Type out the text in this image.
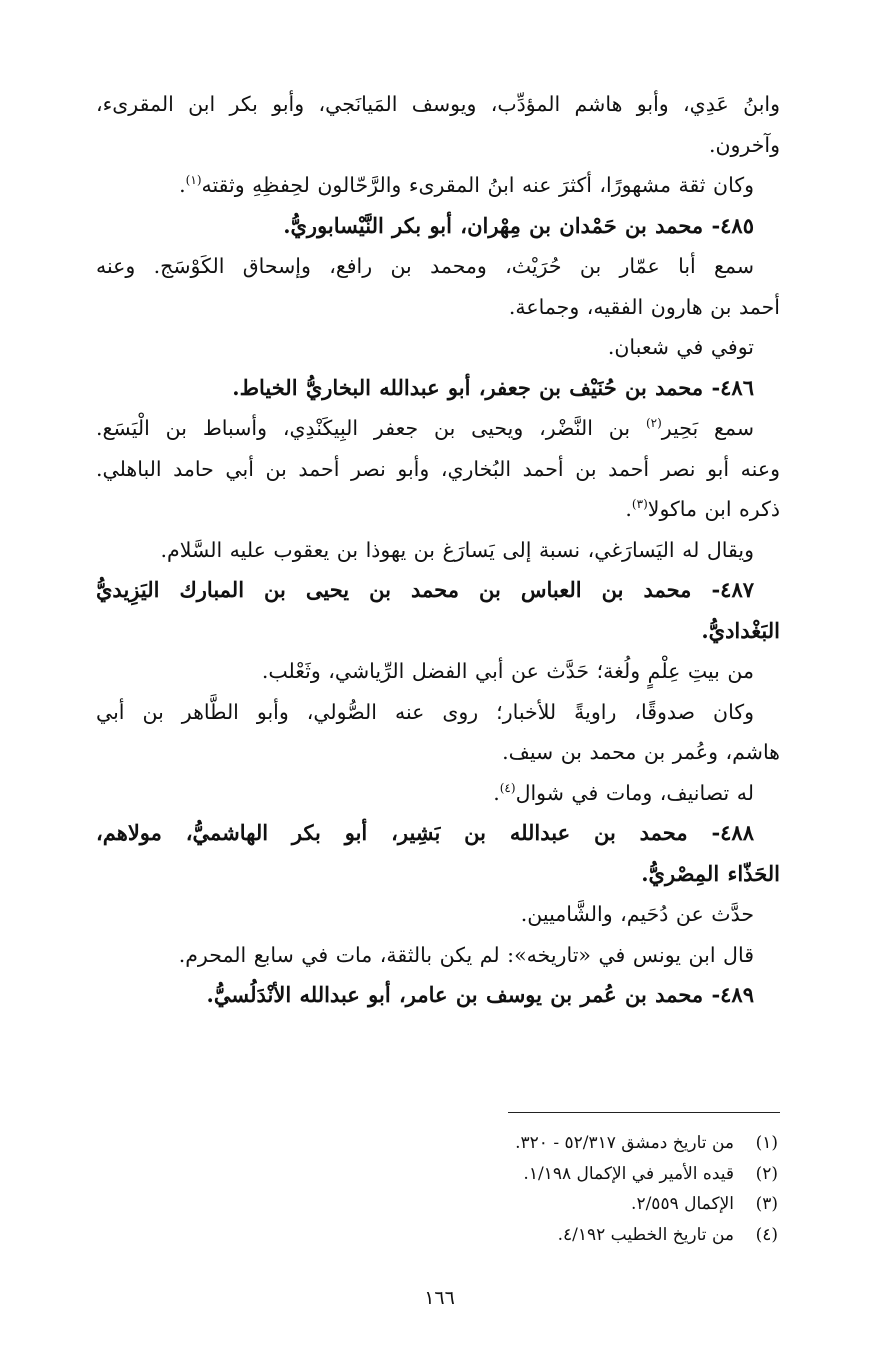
وابنُ عَدِي، وأبو هاشم المؤدِّب، ويوسف المَيانَجي، وأبو بكر ابن المقرىء،
وآخرون.
وكان ثقة مشهورًا، أكثرَ عنه ابنُ المقرىء والرَّحّالون لحِفظِهِ وثقته$^{(١)}$.
٤٨٥- محمد بن حَمْدان بن مِهْران، أبو بكر النَّيْسابوريُّ.
سمع أبا عمّار بن حُرَيْث، ومحمد بن رافع، وإسحاق الكَوْسَج. وعنه
أحمد بن هارون الفقيه، وجماعة.
توفي في شعبان.
٤٨٦- محمد بن حُنَيْف بن جعفر، أبو عبدالله البخاريُّ الخياط.
سمع بَحِير$^{(٢)}$ بن النَّضْر، ويحيى بن جعفر البِيكَنْدِي، وأسباط بن الْيَسَع.
وعنه أبو نصر أحمد بن أحمد البُخاري، وأبو نصر أحمد بن أبي حامد الباهلي.
ذكره ابن ماكولا$^{(٣)}$.
ويقال له اليَسارَغي، نسبة إلى يَسارَغ بن يهوذا بن يعقوب عليه السَّلام.
٤٨٧- محمد بن العباس بن محمد بن يحيى بن المبارك اليَزِيديُّ
البَغْداديُّ.
من بيتِ عِلْمٍ ولُغة؛ حَدَّث عن أبي الفضل الرِّياشي، وثَعْلب.
وكان صدوقًا، راويةً للأخبار؛ روى عنه الصُّولي، وأبو الطَّاهر بن أبي
هاشم، وعُمر بن محمد بن سيف.
له تصانيف، ومات في شوال$^{(٤)}$.
٤٨٨- محمد بن عبدالله بن بَشِير، أبو بكر الهاشميُّ، مولاهم،
الحَذّاء المِصْريُّ.
حدَّث عن دُحَيم، والشَّاميين.
قال ابن يونس في «تاريخه»: لم يكن بالثقة، مات في سابع المحرم.
٤٨٩- محمد بن عُمر بن يوسف بن عامر، أبو عبدالله الأنْدَلُسيُّ.
(١)من تاريخ دمشق ٥٢/٣١٧ - ٣٢٠.
(٢)قيده الأمير في الإكمال ١/١٩٨.
(٣)الإكمال ٢/٥٥٩.
(٤)من تاريخ الخطيب ٤/١٩٢.
١٦٦
